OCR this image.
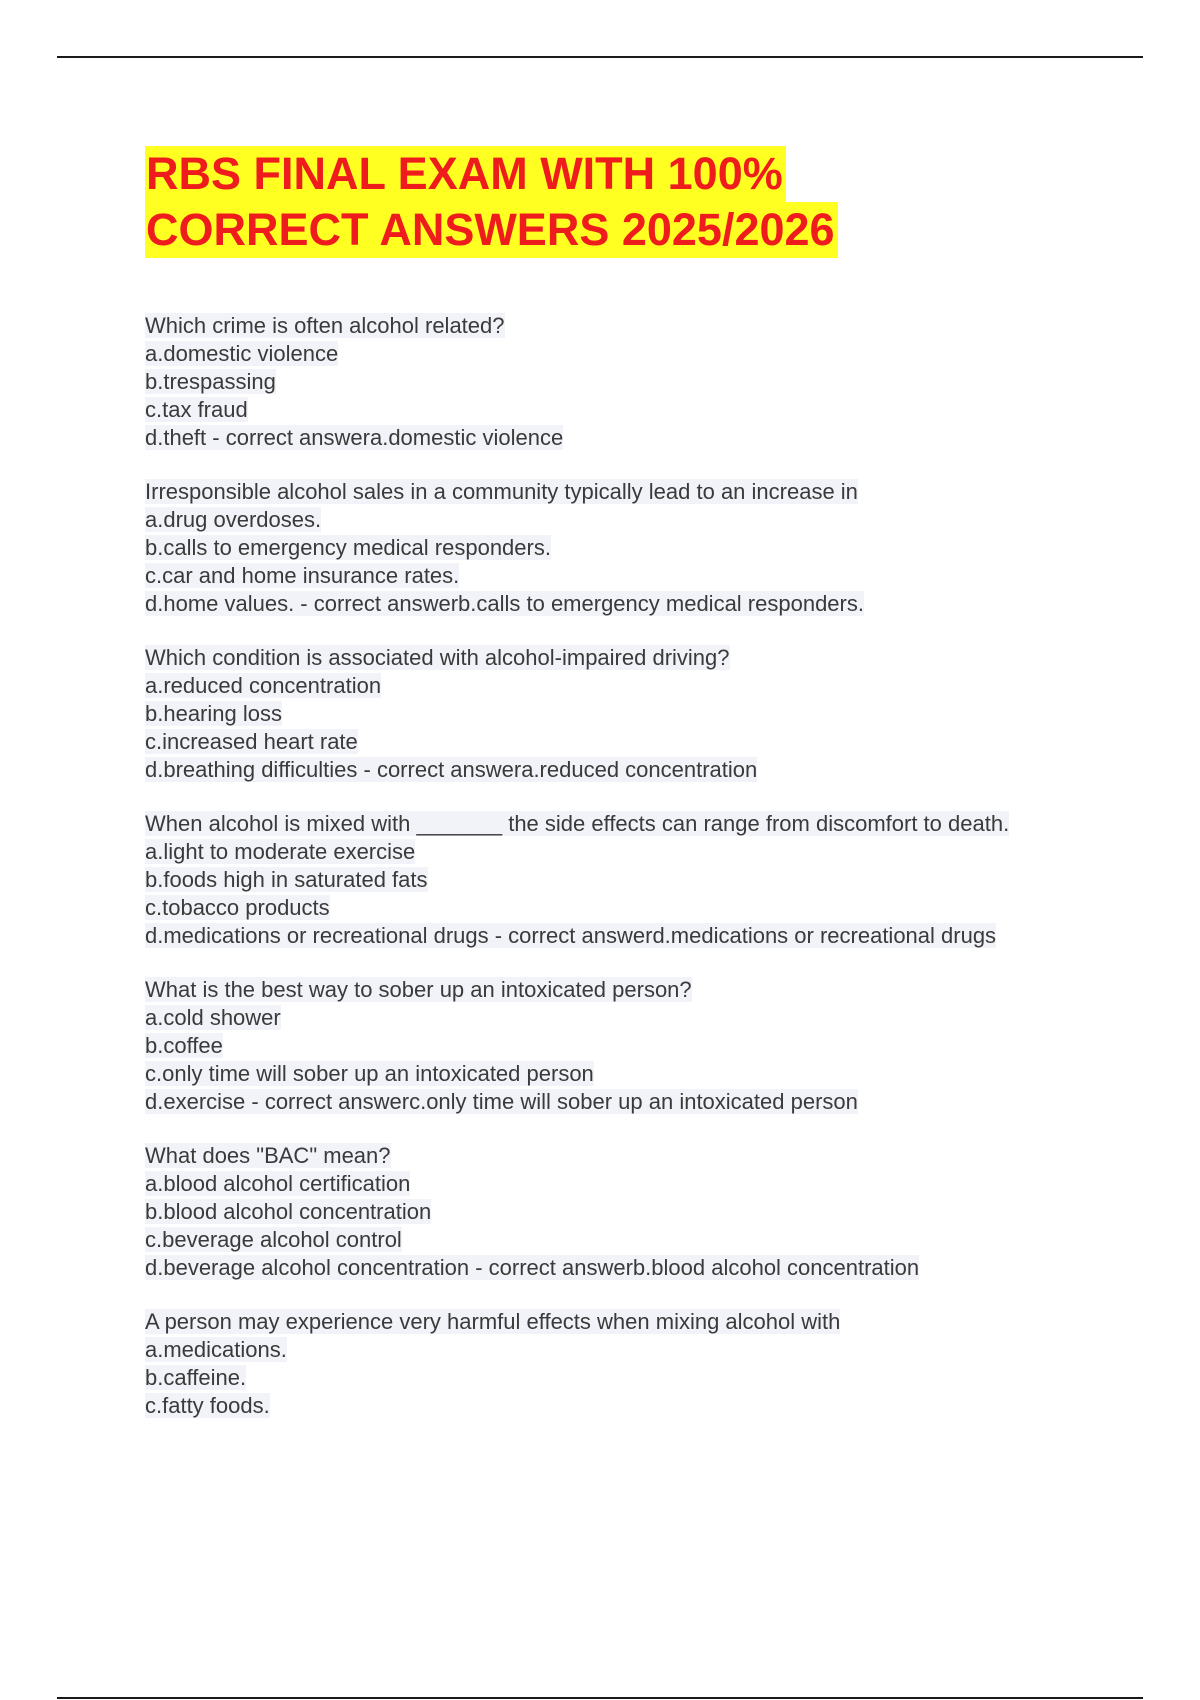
RBS FINAL EXAM WITH 100%
CORRECT ANSWERS 2025/2026
Which crime is often alcohol related?
a.domestic violence
b.trespassing
c.tax fraud
d.theft - correct answera.domestic violence
Irresponsible alcohol sales in a community typically lead to an increase in
a.drug overdoses.
b.calls to emergency medical responders.
c.car and home insurance rates.
d.home values. - correct answerb.calls to emergency medical responders.
Which condition is associated with alcohol-impaired driving?
a.reduced concentration
b.hearing loss
c.increased heart rate
d.breathing difficulties - correct answera.reduced concentration
When alcohol is mixed with _______ the side effects can range from discomfort to death.
a.light to moderate exercise
b.foods high in saturated fats
c.tobacco products
d.medications or recreational drugs - correct answerd.medications or recreational drugs
What is the best way to sober up an intoxicated person?
a.cold shower
b.coffee
c.only time will sober up an intoxicated person
d.exercise - correct answerc.only time will sober up an intoxicated person
What does "BAC" mean?
a.blood alcohol certification
b.blood alcohol concentration
c.beverage alcohol control
d.beverage alcohol concentration - correct answerb.blood alcohol concentration
A person may experience very harmful effects when mixing alcohol with
a.medications.
b.caffeine.
c.fatty foods.
